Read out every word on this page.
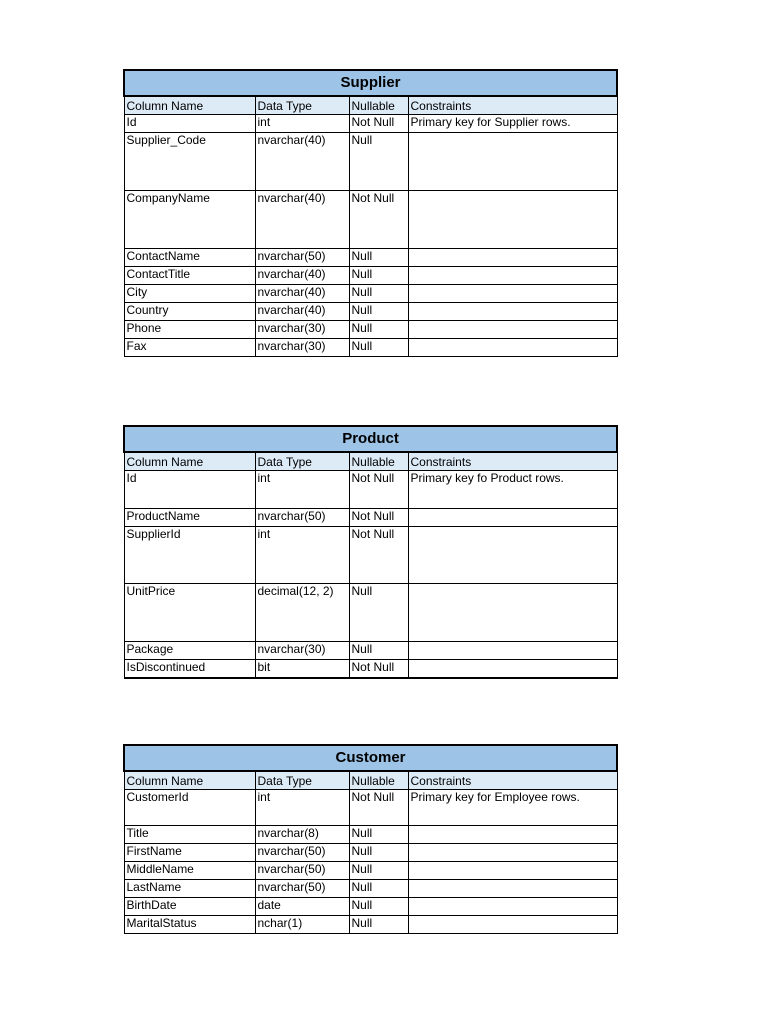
Supplier			
Column Name	Data Type	Nullable	Constraints
Id	int	Not Null	Primary key for Supplier rows.
Supplier_Code	nvarchar(40)	Null	
CompanyName	nvarchar(40)	Not Null	
ContactName	nvarchar(50)	Null	
ContactTitle	nvarchar(40)	Null	
City	nvarchar(40)	Null	
Country	nvarchar(40)	Null	
Phone	nvarchar(30)	Null	
Fax	nvarchar(30)	Null	
Product			
Column Name	Data Type	Nullable	Constraints
Id	int	Not Null	Primary key fo Product rows.
ProductName	nvarchar(50)	Not Null	
SupplierId	int	Not Null	
UnitPrice	decimal(12, 2)	Null	
Package	nvarchar(30)	Null	
IsDiscontinued	bit	Not Null	
Customer			
Column Name	Data Type	Nullable	Constraints
CustomerId	int	Not Null	Primary key for Employee rows.
Title	nvarchar(8)	Null	
FirstName	nvarchar(50)	Null	
MiddleName	nvarchar(50)	Null	
LastName	nvarchar(50)	Null	
BirthDate	date	Null	
MaritalStatus	nchar(1)	Null	
